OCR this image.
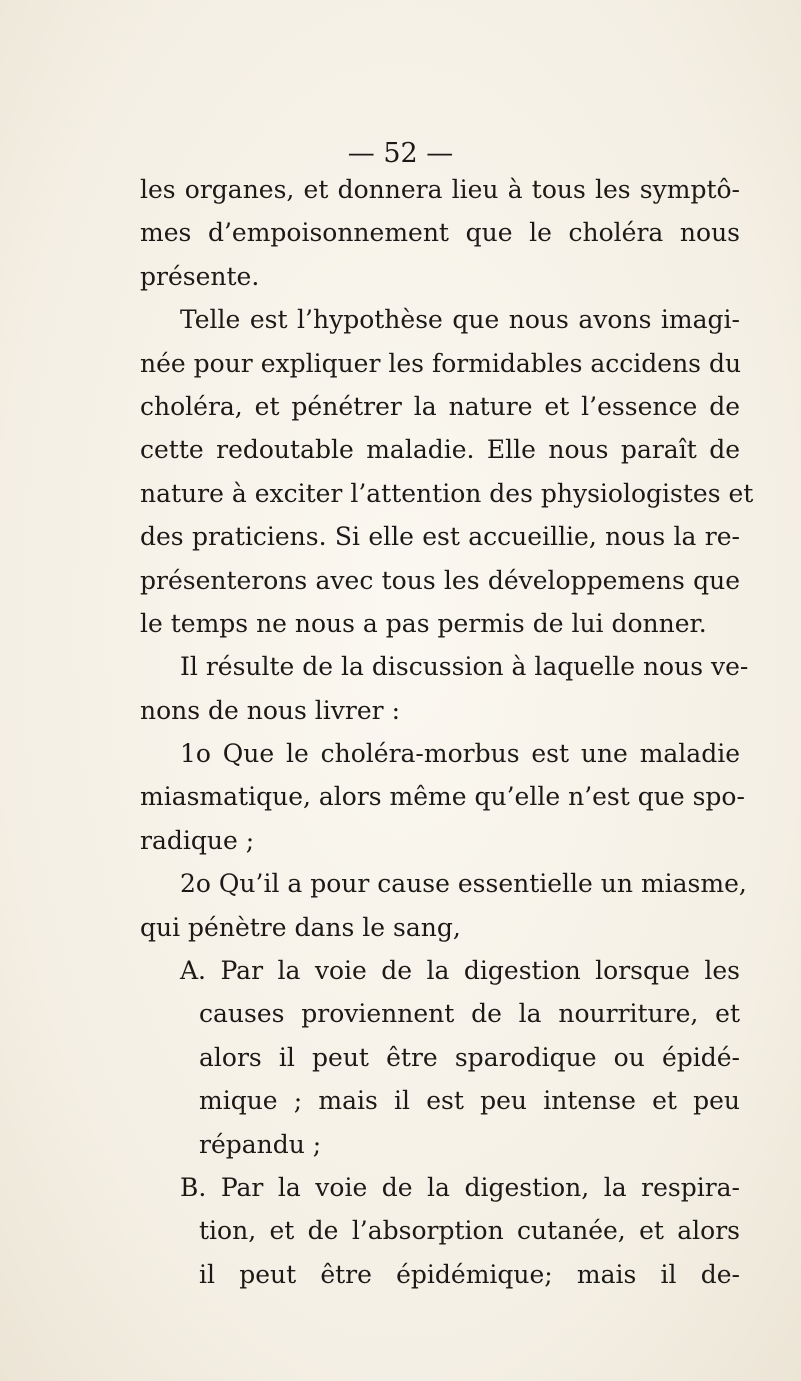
— 52 —
les organes, et donnera lieu à tous les symptô-
mes d’empoisonnement que le choléra nous
présente.
Telle est l’hypothèse que nous avons imagi-
née pour expliquer les formidables accidens du
choléra, et pénétrer la nature et l’essence de
cette redoutable maladie. Elle nous paraît de
nature à exciter l’attention des physiologistes et
des praticiens. Si elle est accueillie, nous la re-
présenterons avec tous les développemens que
le temps ne nous a pas permis de lui donner.
Il résulte de la discussion à laquelle nous ve-
nons de nous livrer :
1o Que le choléra-morbus est une maladie
miasmatique, alors même qu’elle n’est que spo-
radique ;
2o Qu’il a pour cause essentielle un miasme,
qui pénètre dans le sang,
A. Par la voie de la digestion lorsque les
causes proviennent de la nourriture, et
alors il peut être sparodique ou épidé-
mique ; mais il est peu intense et peu
répandu ;
B. Par la voie de la digestion, la respira-
tion, et de l’absorption cutanée, et alors
il peut être épidémique; mais il de-
